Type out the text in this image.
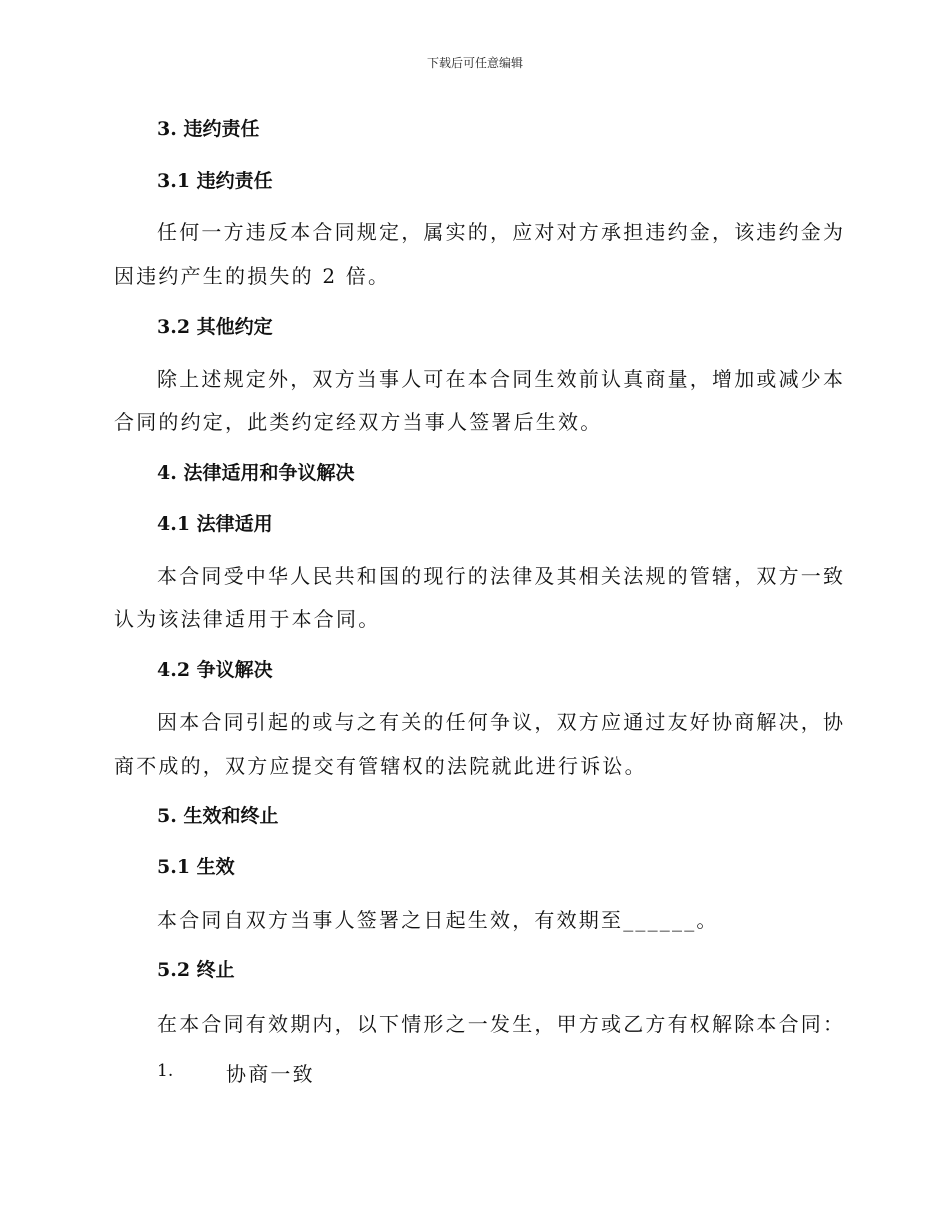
下载后可任意编辑
3. 违约责任
3.1 违约责任
任何一方违反本合同规定，属实的，应对对方承担违约金，该违约金为
因违约产生的损失的 2 倍。
3.2 其他约定
除上述规定外，双方当事人可在本合同生效前认真商量，增加或减少本
合同的约定，此类约定经双方当事人签署后生效。
4. 法律适用和争议解决
4.1 法律适用
本合同受中华人民共和国的现行的法律及其相关法规的管辖，双方一致
认为该法律适用于本合同。
4.2 争议解决
因本合同引起的或与之有关的任何争议，双方应通过友好协商解决，协
商不成的，双方应提交有管辖权的法院就此进行诉讼。
5. 生效和终止
5.1 生效
本合同自双方当事人签署之日起生效，有效期至______。
5.2 终止
在本合同有效期内，以下情形之一发生，甲方或乙方有权解除本合同：
1.	协商一致
